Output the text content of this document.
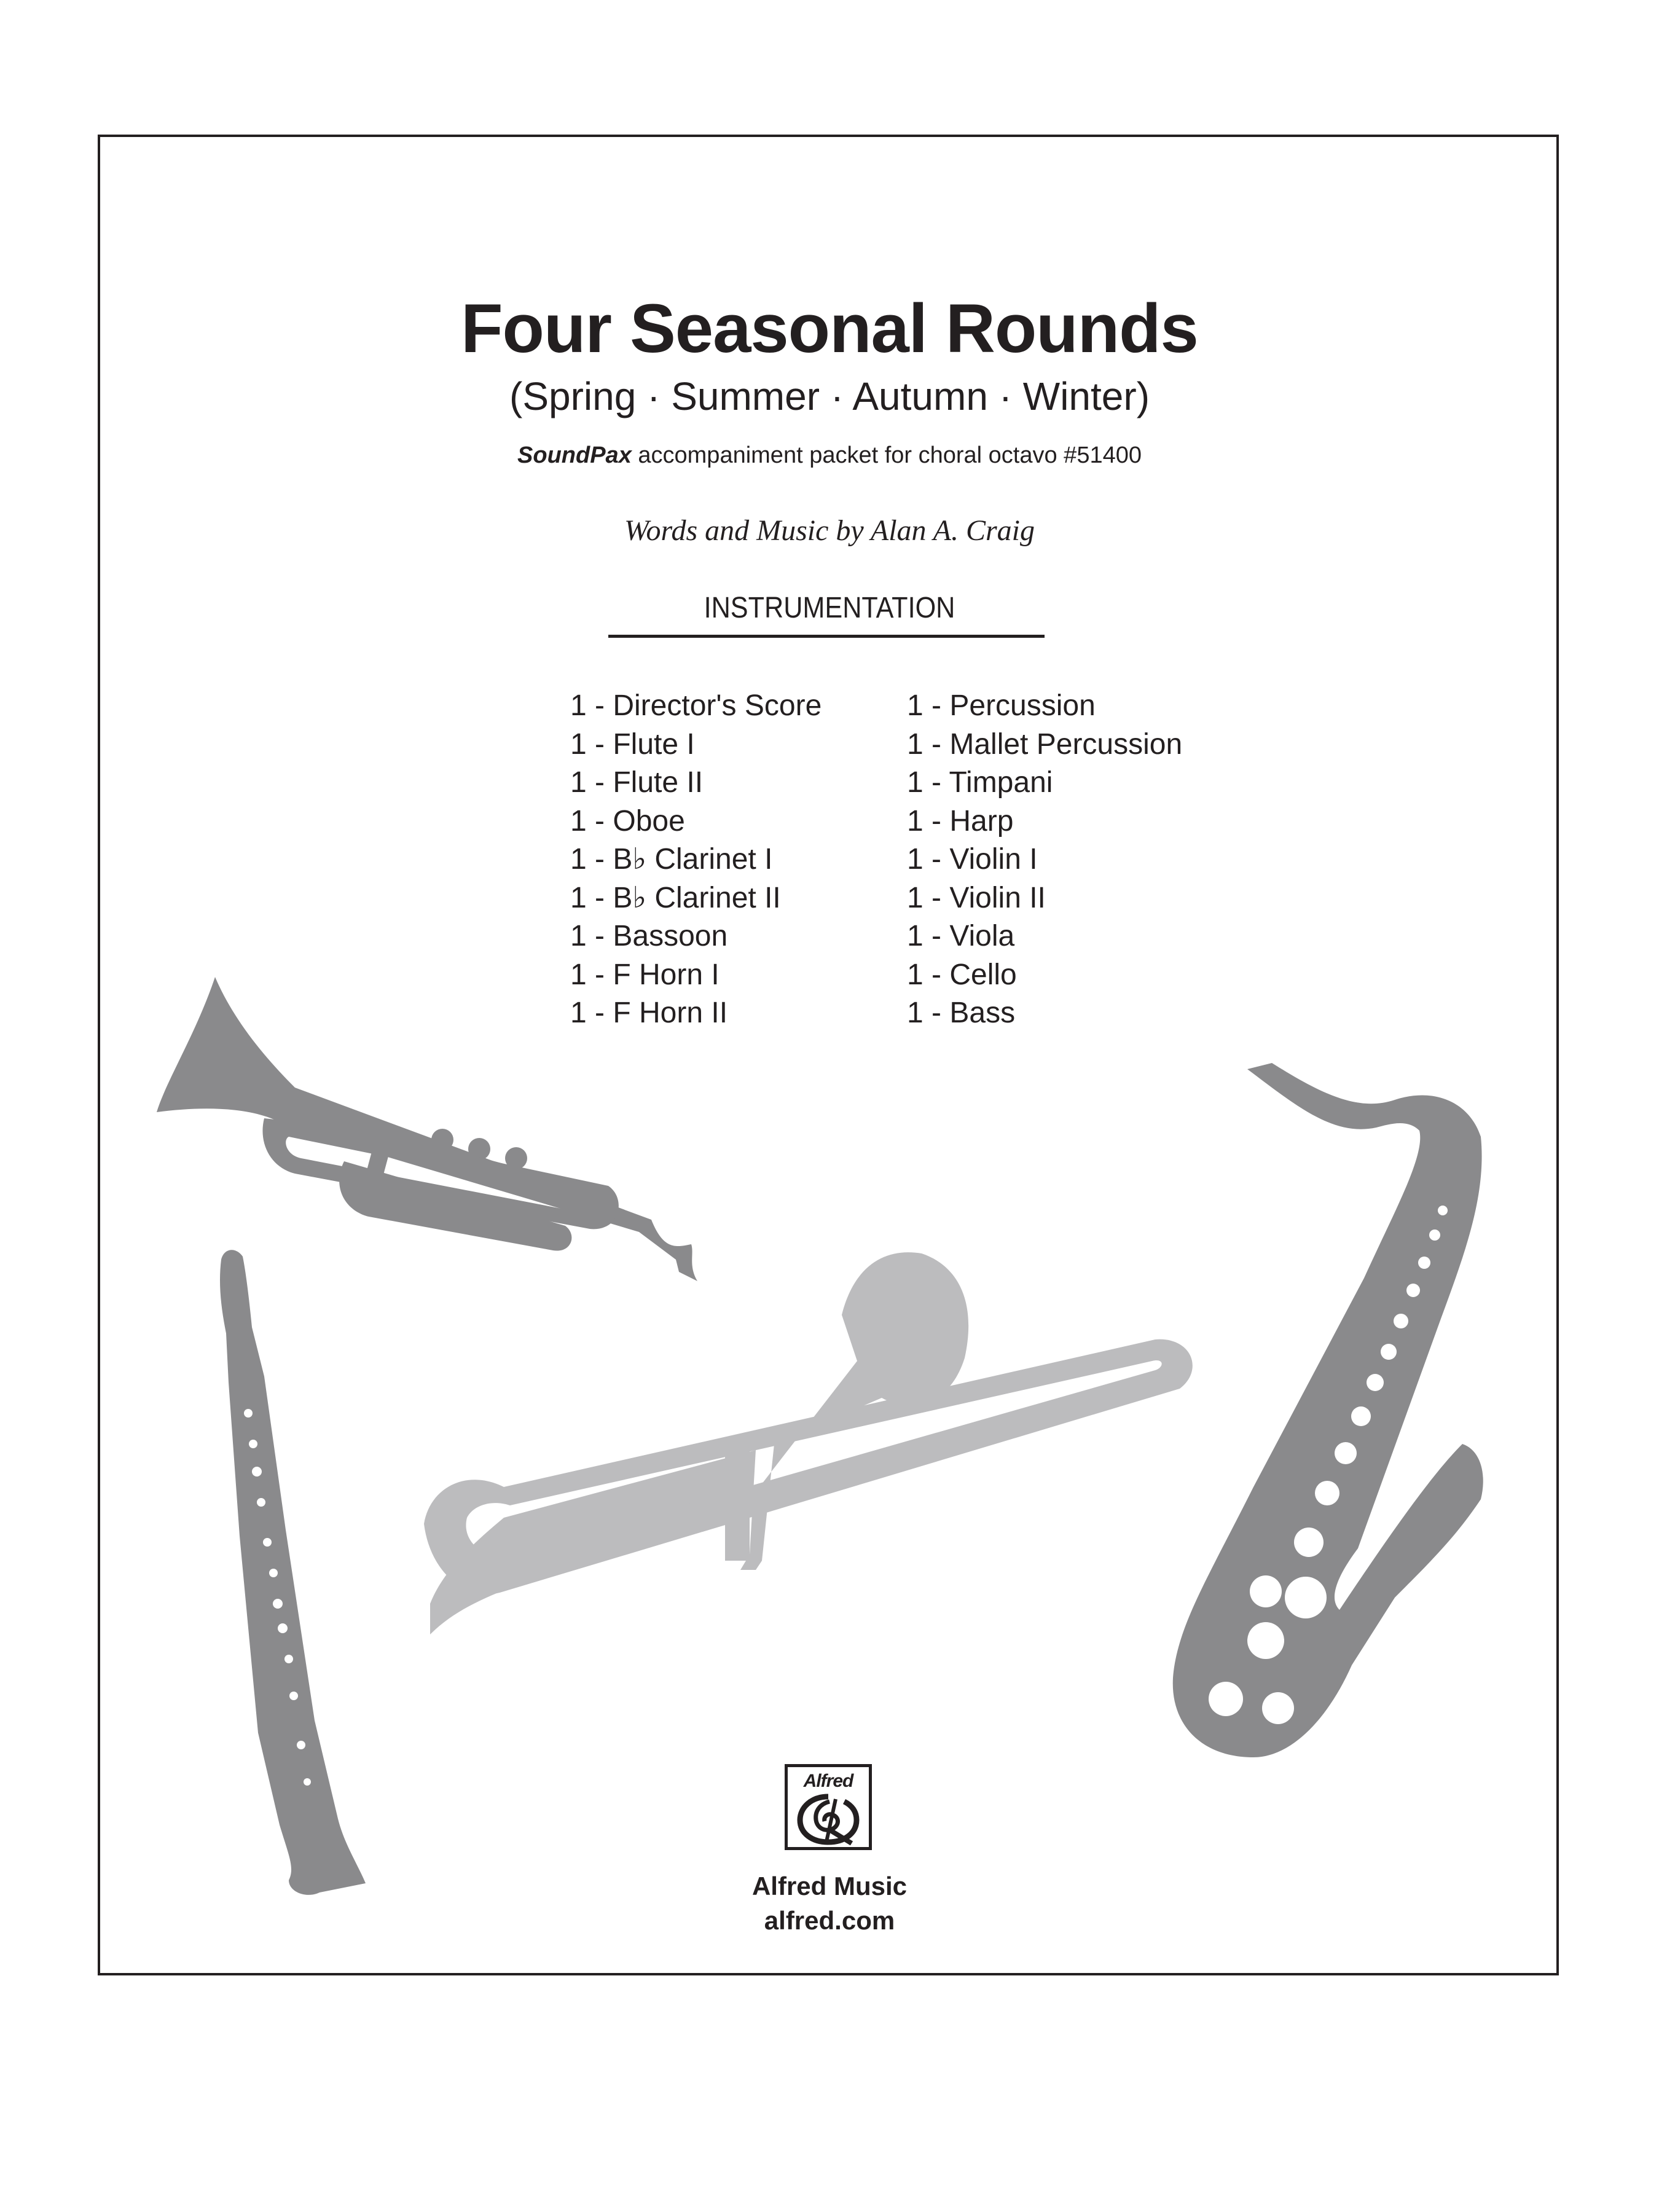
Four Seasonal Rounds
(Spring · Summer · Autumn · Winter)
SoundPax accompaniment packet for choral octavo #51400
Words and Music by Alan A. Craig
INSTRUMENTATION
1 - Director's Score
1 - Flute I
1 - Flute II
1 - Oboe
1 - B♭ Clarinet I
1 - B♭ Clarinet II
1 - Bassoon
1 - F Horn I
1 - F Horn II
1 - Percussion
1 - Mallet Percussion
1 - Timpani
1 - Harp
1 - Violin I
1 - Violin II
1 - Viola
1 - Cello
1 - Bass
Alfred
Alfred Music
alfred.com
